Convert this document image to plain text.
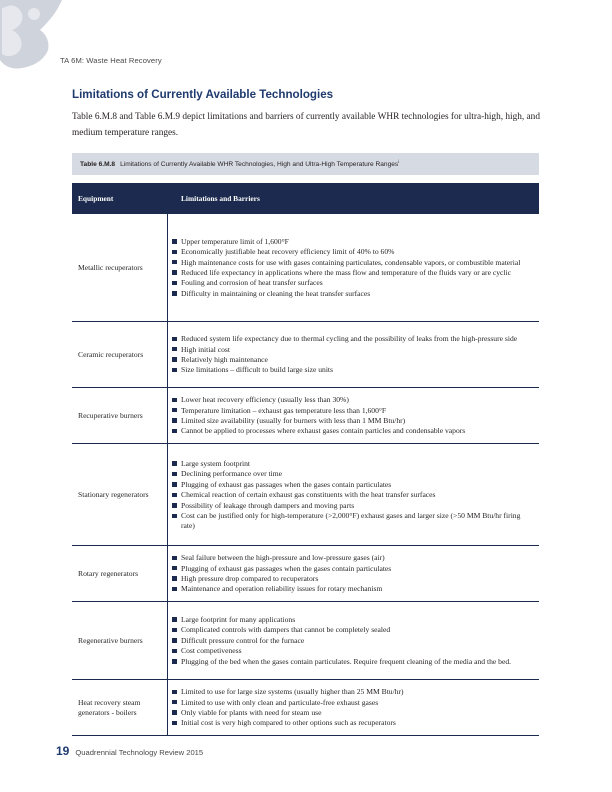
TA 6M: Waste Heat Recovery
Limitations of Currently Available Technologies

Table 6.M.8 and Table 6.M.9 depict limitations and barriers of currently available WHR technologies for ultra-high, high, and medium temperature ranges.

Table 6.M.8 Limitations of Currently Available WHR Technologies, High and Ultra-High Temperature Ranges$^i$
Equipment	Limitations and Barriers
Metallic recuperators
Upper temperature limit of 1,600°F
Economically justifiable heat recovery efficiency limit of 40% to 60%
High maintenance costs for use with gases containing particulates, condensable vapors, or combustible material
Reduced life expectancy in applications where the mass flow and temperature of the fluids vary or are cyclic
Fouling and corrosion of heat transfer surfaces
Difficulty in maintaining or cleaning the heat transfer surfaces
Ceramic recuperators
Reduced system life expectancy due to thermal cycling and the possibility of leaks from the high-pressure side
High initial cost
Relatively high maintenance
Size limitations – difficult to build large size units
Recuperative burners
Lower heat recovery efficiency (usually less than 30%)
Temperature limitation – exhaust gas temperature less than 1,600°F
Limited size availability (usually for burners with less than 1 MM Btu/hr)
Cannot be applied to processes where exhaust gases contain particles and condensable vapors
Stationary regenerators
Large system footprint
Declining performance over time
Plugging of exhaust gas passages when the gases contain particulates
Chemical reaction of certain exhaust gas constituents with the heat transfer surfaces
Possibility of leakage through dampers and moving parts
Cost can be justified only for high-temperature (>2,000°F) exhaust gases and larger size (>50 MM Btu/hr firing rate)
Rotary regenerators
Seal failure between the high-pressure and low-pressure gases (air)
Plugging of exhaust gas passages when the gases contain particulates
High pressure drop compared to recuperators
Maintenance and operation reliability issues for rotary mechanism
Regenerative burners
Large footprint for many applications
Complicated controls with dampers that cannot be completely sealed
Difficult pressure control for the furnace
Cost competiveness
Plugging of the bed when the gases contain particulates. Require frequent cleaning of the media and the bed.
Heat recovery steam generators - boilers
Limited to use for large size systems (usually higher than 25 MM Btu/hr)
Limited to use with only clean and particulate-free exhaust gases
Only viable for plants with need for steam use
Initial cost is very high compared to other options such as recuperators
19 Quadrennial Technology Review 2015
